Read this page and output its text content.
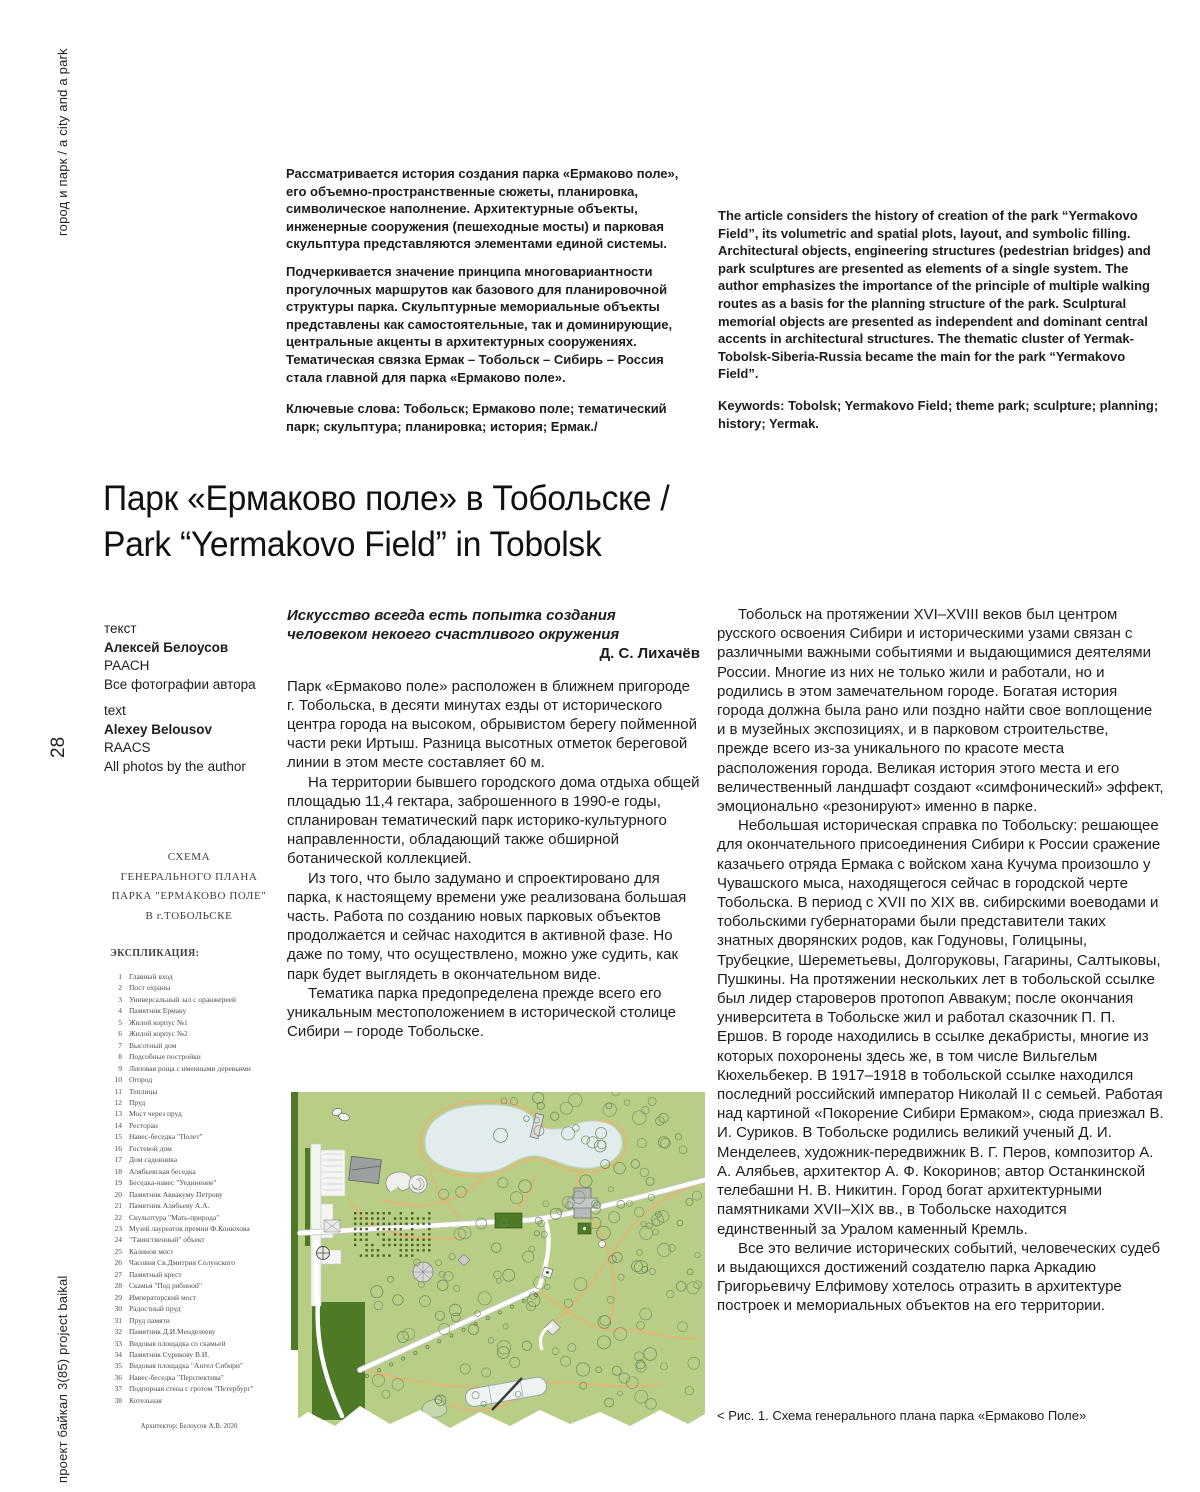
город и парк / a city and a park
28
проект байкал 3(85) project baikal

Рассматривается история создания парка «Ермаково поле», его объемно-пространственные сюжеты, планировка, символическое наполнение. Архитектурные объекты, инженерные сооружения (пешеходные мосты) и парковая скульптура представляются элементами единой системы.

Подчеркивается значение принципа многовариантности прогулочных маршрутов как базового для планировочной структуры парка. Скульптурные мемориальные объекты представлены как самостоятельные, так и доминирующие, центральные акценты в архитектурных сооружениях. Тематическая связка Ермак – Тобольск – Сибирь – Россия стала главной для парка «Ермаково поле».

Ключевые слова: Тобольск; Ермаково поле; тематический парк; скульптура; планировка; история; Ермак./

The article considers the history of creation of the park “Yermakovo Field”, its volumetric and spatial plots, layout, and symbolic filling. Architectural objects, engineering structures (pedestrian bridges) and park sculptures are presented as elements of a single system. The author emphasizes the importance of the principle of multiple walking routes as a basis for the planning structure of the park. Sculptural memorial objects are presented as independent and dominant central accents in architectural structures. The thematic cluster of Yermak-Tobolsk-Siberia-Russia became the main for the park “Yermakovo Field”.

Keywords: Tobolsk; Yermakovo Field; theme park; sculpture; planning; history; Yermak.

Парк «Ермаково поле» в Тобольске /
Park “Yermakovo Field” in Tobolsk
текст
Алексей Белоусов
РААСН
Все фотографии автора
text
Alexey Belousov
RAACS
All photos by the author

Искусство всегда есть попытка создания человеком некоего счастливого окружения

Д. С. Лихачёв

Парк «Ермаково поле» расположен в ближнем пригороде г. Тобольска, в десяти минутах езды от исторического центра города на высоком, обрывистом берегу пойменной части реки Иртыш. Разница высотных отметок береговой линии в этом месте составляет 60 м.

На территории бывшего городского дома отдыха общей площадью 11,4 гектара, заброшенного в 1990-е годы, спланирован тематический парк историко-культурного направленности, обладающий также обширной ботанической коллекцией.

Из того, что было задумано и спроектировано для парка, к настоящему времени уже реализована большая часть. Работа по созданию новых парковых объектов продолжается и сейчас находится в активной фазе. Но даже по тому, что осуществлено, можно уже судить, как парк будет выглядеть в окончательном виде.

Тематика парка предопределена прежде всего его уникальным местоположением в исторической столице Сибири – городе Тобольске.

Тобольск на протяжении XVI–XVIII веков был центром русского освоения Сибири и историческими узами связан с различными важными событиями и выдающимися деятелями России. Многие из них не только жили и работали, но и родились в этом замечательном городе. Богатая история города должна была рано или поздно найти свое воплощение и в музейных экспозициях, и в парковом строительстве, прежде всего из-за уникального по красоте места расположения города. Великая история этого места и его величественный ландшафт создают «симфонический» эффект, эмоционально «резонируют» именно в парке.

Небольшая историческая справка по Тобольску: решающее для окончательного присоединения Сибири к России сражение казачьего отряда Ермака с войском хана Кучума произошло у Чувашского мыса, находящегося сейчас в городской черте Тобольска. В период с XVII по XIX вв. сибирскими воеводами и тобольскими губернаторами были представители таких знатных дворянских родов, как Годуновы, Голицыны, Трубецкие, Шереметьевы, Долгоруковы, Гагарины, Салтыковы, Пушкины. На протяжении нескольких лет в тобольской ссылке был лидер староверов протопоп Аввакум; после окончания университета в Тобольске жил и работал сказочник П. П. Ершов. В городе находились в ссылке декабристы, многие из которых похоронены здесь же, в том числе Вильгельм Кюхельбекер. В 1917–1918 в тобольской ссылке находился последний российский император Николай II с семьей. Работая над картиной «Покорение Сибири Ермаком», сюда приезжал В. И. Суриков. В Тобольске родились великий ученый Д. И. Менделеев, художник-передвижник В. Г. Перов, композитор А. А. Алябьев, архитектор А. Ф. Кокоринов; автор Останкинской телебашни Н. В. Никитин. Город богат архитектурными памятниками XVII–XIX вв., в Тобольске находится единственный за Уралом каменный Кремль.

Все это величие исторических событий, человеческих судеб и выдающихся достижений создателю парка Аркадию Григорьевичу Елфимову хотелось отразить в архитектуре построек и мемориальных объектов на его территории.

СХЕМА
ГЕНЕРАЛЬНОГО ПЛАНА
ПАРКА "ЕРМАКОВО ПОЛЕ"
В г.ТОБОЛЬСКЕ
ЭКСПЛИКАЦИЯ:
1 Главный вход
2 Пост охраны
3 Универсальный зал с оранжереей
4 Памятник Ермаку
5 Жилой корпус №1
6 Жилой корпус №2
7 Высотный дом
8 Подсобные постройки
9 Липовая роща с именными деревьями
10 Огород
11 Теплицы
12 Пруд
13 Мост через пруд
14 Ресторан
15 Навес-беседка "Полет"
16 Гостевой дом
17 Дом садовника
18 Алябьевская беседка
19 Беседка-навес "Уединение"
20 Памятник Аввакуму Петрову
21 Памятник Алябьеву А.А.
22 Скульптура "Мать-природа"
23 Музей лауреатов премии Ф.Конюхова
24 "Таинственный" объект
25 Калинов мост
26 Часовня Св.Дмитрия Солунского
27 Памятный крест
28 Скамья "Под рябиной"
29 Императорский мост
30 Радостный пруд
31 Пруд памяти
32 Памятник Д.И.Менделееву
33 Видовая площадка со скамьей
34 Памятник Сурикову В.И.
35 Видовая площадка "Ангел Сибири"
36 Навес-беседка "Перспектива"
37 Подпорная стена с гротом "Петербург"
38 Котельная
Архитектор: Белоусов А.В. 2020
< Рис. 1. Схема генерального плана парка «Ермаково Поле»
